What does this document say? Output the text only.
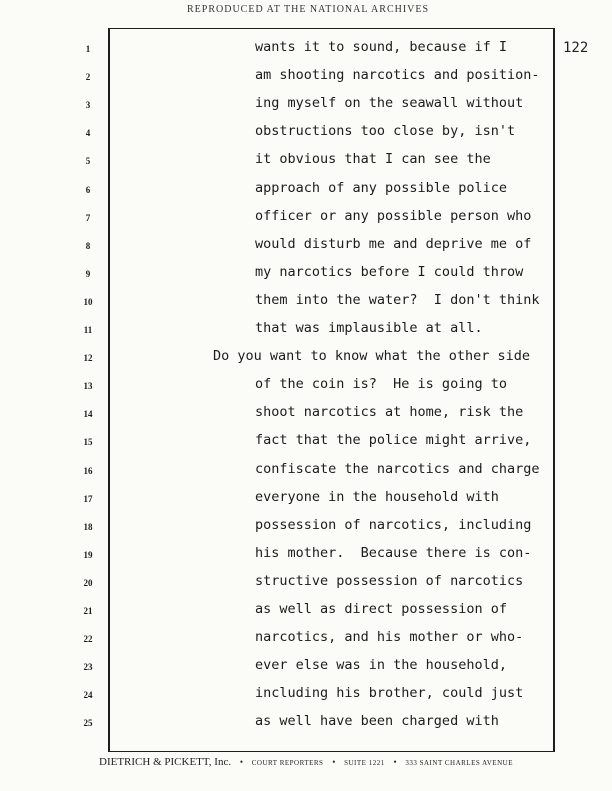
REPRODUCED AT THE NATIONAL ARCHIVES
122
1	wants it to sound, because if I
2	am shooting narcotics and position-
3	ing myself on the seawall without
4	obstructions too close by, isn't
5	it obvious that I can see the
6	approach of any possible police
7	officer or any possible person who
8	would disturb me and deprive me of
9	my narcotics before I could throw
10	them into the water?  I don't think
11	that was implausible at all.
12	Do you want to know what the other side
13	of the coin is?  He is going to
14	shoot narcotics at home, risk the
15	fact that the police might arrive,
16	confiscate the narcotics and charge
17	everyone in the household with
18	possession of narcotics, including
19	his mother.  Because there is con-
20	structive possession of narcotics
21	as well as direct possession of
22	narcotics, and his mother or who-
23	ever else was in the household,
24	including his brother, could just
25	as well have been charged with
DIETRICH & PICKETT, Inc. • COURT REPORTERS • SUITE 1221 • 333 SAINT CHARLES AVENUE
